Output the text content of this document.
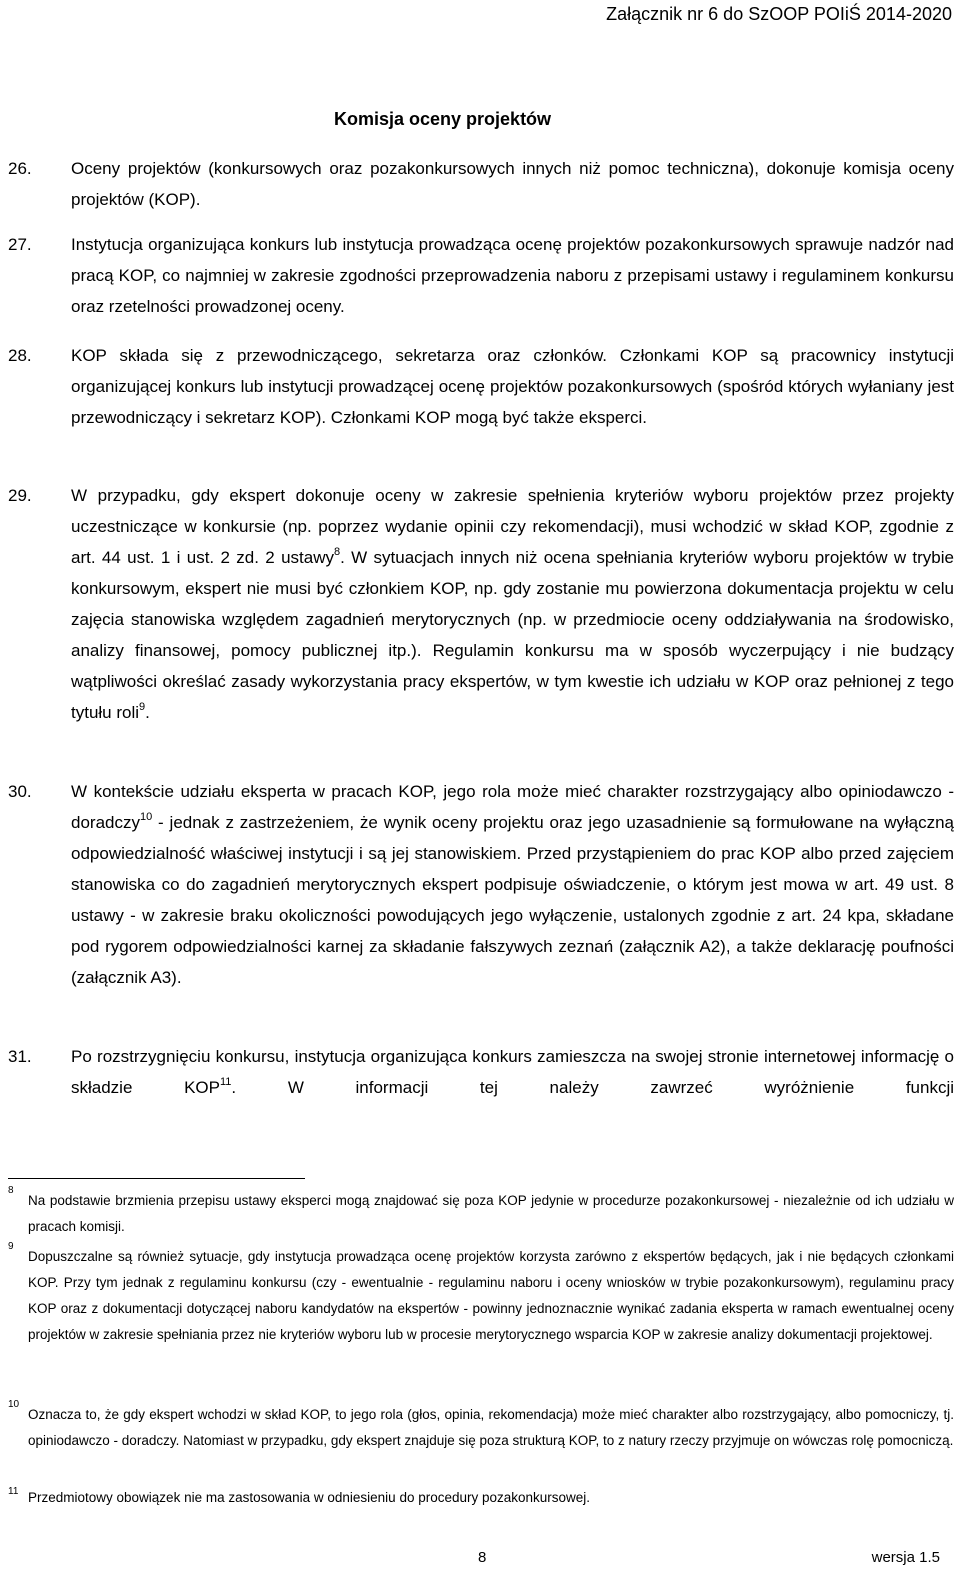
Załącznik nr 6 do SzOOP POIiŚ 2014-2020
Komisja oceny projektów
26. Oceny projektów (konkursowych oraz pozakonkursowych innych niż pomoc techniczna), dokonuje komisja oceny projektów (KOP).
27. Instytucja organizująca konkurs lub instytucja prowadząca ocenę projektów pozakonkursowych sprawuje nadzór nad pracą KOP, co najmniej w zakresie zgodności przeprowadzenia naboru z przepisami ustawy i regulaminem konkursu oraz rzetelności prowadzonej oceny.
28. KOP składa się z przewodniczącego, sekretarza oraz członków. Członkami KOP są pracownicy instytucji organizującej konkurs lub instytucji prowadzącej ocenę projektów pozakonkursowych (spośród których wyłaniany jest przewodniczący i sekretarz KOP). Członkami KOP mogą być także eksperci.
29. W przypadku, gdy ekspert dokonuje oceny w zakresie spełnienia kryteriów wyboru projektów przez projekty uczestniczące w konkursie (np. poprzez wydanie opinii czy rekomendacji), musi wchodzić w skład KOP, zgodnie z art. 44 ust. 1 i ust. 2 zd. 2 ustawy$^8$. W sytuacjach innych niż ocena spełniania kryteriów wyboru projektów w trybie konkursowym, ekspert nie musi być członkiem KOP, np. gdy zostanie mu powierzona dokumentacja projektu w celu zajęcia stanowiska względem zagadnień merytorycznych (np. w przedmiocie oceny oddziaływania na środowisko, analizy finansowej, pomocy publicznej itp.). Regulamin konkursu ma w sposób wyczerpujący i nie budzący wątpliwości określać zasady wykorzystania pracy ekspertów, w tym kwestie ich udziału w KOP oraz pełnionej z tego tytułu roli$^9$.
30. W kontekście udziału eksperta w pracach KOP, jego rola może mieć charakter rozstrzygający albo opiniodawczo - doradczy$^{10}$ - jednak z zastrzeżeniem, że wynik oceny projektu oraz jego uzasadnienie są formułowane na wyłączną odpowiedzialność właściwej instytucji i są jej stanowiskiem. Przed przystąpieniem do prac KOP albo przed zajęciem stanowiska co do zagadnień merytorycznych ekspert podpisuje oświadczenie, o którym jest mowa w art. 49 ust. 8 ustawy - w zakresie braku okoliczności powodujących jego wyłączenie, ustalonych zgodnie z art. 24 kpa, składane pod rygorem odpowiedzialności karnej za składanie fałszywych zeznań (załącznik A2), a także deklarację poufności (załącznik A3).
31. Po rozstrzygnięciu konkursu, instytucja organizująca konkurs zamieszcza na swojej stronie internetowej informację o składzie KOP$^{11}$. W informacji tej należy zawrzeć wyróżnienie funkcji
8
Na podstawie brzmienia przepisu ustawy eksperci mogą znajdować się poza KOP jedynie w procedurze pozakonkursowej - niezależnie od ich udziału w pracach komisji.
9
Dopuszczalne są również sytuacje, gdy instytucja prowadząca ocenę projektów korzysta zarówno z ekspertów będących, jak i nie będących członkami KOP. Przy tym jednak z regulaminu konkursu (czy - ewentualnie - regulaminu naboru i oceny wniosków w trybie pozakonkursowym), regulaminu pracy KOP oraz z dokumentacji dotyczącej naboru kandydatów na ekspertów - powinny jednoznacznie wynikać zadania eksperta w ramach ewentualnej oceny projektów w zakresie spełniania przez nie kryteriów wyboru lub w procesie merytorycznego wsparcia KOP w zakresie analizy dokumentacji projektowej.
10
Oznacza to, że gdy ekspert wchodzi w skład KOP, to jego rola (głos, opinia, rekomendacja) może mieć charakter albo rozstrzygający, albo pomocniczy, tj. opiniodawczo - doradczy. Natomiast w przypadku, gdy ekspert znajduje się poza strukturą KOP, to z natury rzeczy przyjmuje on wówczas rolę pomocniczą.
11 Przedmiotowy obowiązek nie ma zastosowania w odniesieniu do procedury pozakonkursowej.
8	wersja 1.5
